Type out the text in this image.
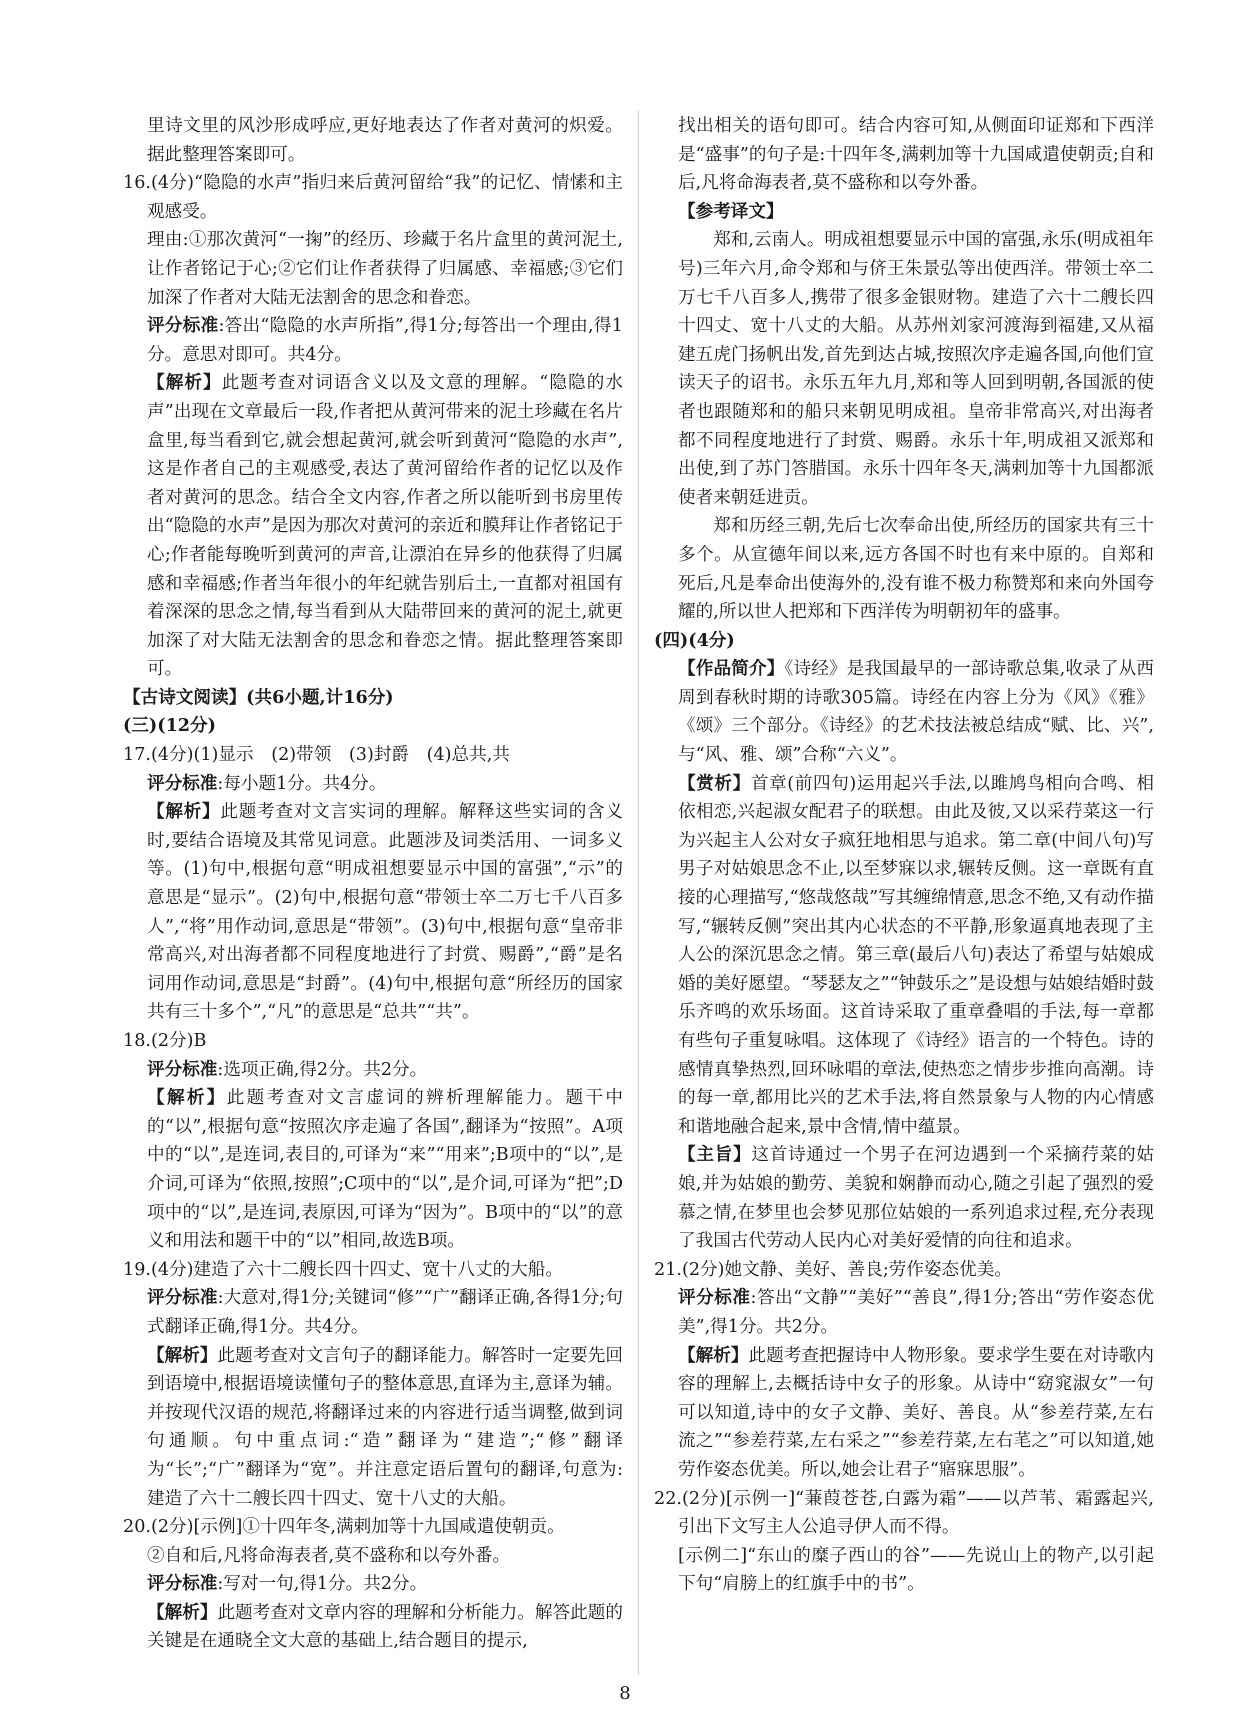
里诗文里的风沙形成呼应,更好地表达了作者对黄河的炽爱。据此整理答案即可。

16.(4分)“隐隐的水声”指归来后黄河留给“我”的记忆、情愫和主观感受。

理由:①那次黄河“一掬”的经历、珍藏于名片盒里的黄河泥土,让作者铭记于心;②它们让作者获得了归属感、幸福感;③它们加深了作者对大陆无法割舍的思念和眷恋。

评分标准:答出“隐隐的水声所指”,得1分;每答出一个理由,得1分。意思对即可。共4分。

【 解析 】 此题考查对词语含义以及文意的理解。“隐隐的水声”出现在文章最后一段,作者把从黄河带来的泥土珍藏在名片盒里,每当看到它,就会想起黄河,就会听到黄河“隐隐的水声”,这是作者自己的主观感受,表达了黄河留给作者的记忆以及作者对黄河的思念。结合全文内容,作者之所以能听到书房里传出“隐隐的水声”是因为那次对黄河的亲近和膜拜让作者铭记于心;作者能每晚听到黄河的声音,让漂泊在异乡的他获得了归属感和幸福感;作者当年很小的年纪就告别后土,一直都对祖国有着深深的思念之情,每当看到从大陆带回来的黄河的泥土,就更加深了对大陆无法割舍的思念和眷恋之情。据此整理答案即可。

【古诗文阅读】(共6小题,计16分)

(三)(12分)

17.(4分)(1)显示　(2)带领　(3)封爵　(4)总共,共

评分标准:每小题1分。共4分。

【 解析 】 此题考查对文言实词的理解。解释这些实词的含义时,要结合语境及其常见词意。此题涉及词类活用、一词多义等。(1)句中,根据句意“明成祖想要显示中国的富强”,“示”的意思是“显示”。(2)句中,根据句意“带领士卒二万七千八百多人”,“将”用作动词,意思是“带领”。(3)句中,根据句意“皇帝非常高兴,对出海者都不同程度地进行了封赏、赐爵”,“爵”是名词用作动词,意思是“封爵”。(4)句中,根据句意“所经历的国家共有三十多个”,“凡”的意思是“总共”“共”。

18.(2分)B

评分标准:选项正确,得2分。共2分。

【 解析 】 此题考查对文言虚词的辨析理解能力。题干中的“以”,根据句意“按照次序走遍了各国”,翻译为“按照”。A项中的“以”,是连词,表目的,可译为“来”“用来”;B项中的“以”,是介词,可译为“依照,按照”;C项中的“以”,是介词,可译为“把”;D项中的“以”,是连词,表原因,可译为“因为”。B项中的“以”的意义和用法和题干中的“以”相同,故选B项。

19.(4分)建造了六十二艘长四十四丈、宽十八丈的大船。

评分标准:大意对,得1分;关键词“修”“广”翻译正确,各得1分;句式翻译正确,得1分。共4分。

【 解析 】 此题考查对文言句子的翻译能力。解答时一定要先回到语境中,根据语境读懂句子的整体意思,直译为主,意译为辅。并按现代汉语的规范,将翻译过来的内容进行适当调整,做到词句通顺。句中重点词:“造”翻译为“建造”;“修”翻译为“长”;“广”翻译为“宽”。并注意定语后置句的翻译,句意为:建造了六十二艘长四十四丈、宽十八丈的大船。

20.(2分)[示例]①十四年冬,满剌加等十九国咸遣使朝贡。

②自和后,凡将命海表者,莫不盛称和以夸外番。

评分标准:写对一句,得1分。共2分。

【 解析 】 此题考查对文章内容的理解和分析能力。解答此题的关键是在通晓全文大意的基础上,结合题目的提示,

找出相关的语句即可。结合内容可知,从侧面印证郑和下西洋是“盛事”的句子是:十四年冬,满剌加等十九国咸遣使朝贡;自和后,凡将命海表者,莫不盛称和以夸外番。

【 参考译文 】

郑和,云南人。明成祖想要显示中国的富强,永乐(明成祖年号)三年六月,命令郑和与侪王朱景弘等出使西洋。带领士卒二万七千八百多人,携带了很多金银财物。建造了六十二艘长四十四丈、宽十八丈的大船。从苏州刘家河渡海到福建,又从福建五虎门扬帆出发,首先到达占城,按照次序走遍各国,向他们宣读天子的诏书。永乐五年九月,郑和等人回到明朝,各国派的使者也跟随郑和的船只来朝见明成祖。皇帝非常高兴,对出海者都不同程度地进行了封赏、赐爵。永乐十年,明成祖又派郑和出使,到了苏门答腊国。永乐十四年冬天,满剌加等十九国都派使者来朝廷进贡。

郑和历经三朝,先后七次奉命出使,所经历的国家共有三十多个。从宣德年间以来,远方各国不时也有来中原的。自郑和死后,凡是奉命出使海外的,没有谁不极力称赞郑和来向外国夸耀的,所以世人把郑和下西洋传为明朝初年的盛事。

(四)(4分)

【 作品简介 】 《诗经》是我国最早的一部诗歌总集,收录了从西周到春秋时期的诗歌305篇。诗经在内容上分为《风》《雅》《颂》三个部分。《诗经》的艺术技法被总结成“赋、比、兴”,与“风、雅、颂”合称“六义”。

【 赏析 】 首章(前四句)运用起兴手法,以雎鸠鸟相向合鸣、相依相恋,兴起淑女配君子的联想。由此及彼,又以采荇菜这一行为兴起主人公对女子疯狂地相思与追求。第二章(中间八句)写男子对姑娘思念不止,以至梦寐以求,辗转反侧。这一章既有直接的心理描写,“悠哉悠哉”写其缠绵情意,思念不绝,又有动作描写,“辗转反侧”突出其内心状态的不平静,形象逼真地表现了主人公的深沉思念之情。第三章(最后八句)表达了希望与姑娘成婚的美好愿望。“琴瑟友之”“钟鼓乐之”是设想与姑娘结婚时鼓乐齐鸣的欢乐场面。这首诗采取了重章叠唱的手法,每一章都有些句子重复咏唱。这体现了《诗经》语言的一个特色。诗的感情真挚热烈,回环咏唱的章法,使热恋之情步步推向高潮。诗的每一章,都用比兴的艺术手法,将自然景象与人物的内心情感和谐地融合起来,景中含情,情中蕴景。

【 主旨 】 这首诗通过一个男子在河边遇到一个采摘荇菜的姑娘,并为姑娘的勤劳、美貌和娴静而动心,随之引起了强烈的爱慕之情,在梦里也会梦见那位姑娘的一系列追求过程,充分表现了我国古代劳动人民内心对美好爱情的向往和追求。

21.(2分)她文静、美好、善良;劳作姿态优美。

评分标准:答出“文静”“美好”“善良”,得1分;答出“劳作姿态优美”,得1分。共2分。

【 解析 】 此题考查把握诗中人物形象。要求学生要在对诗歌内容的理解上,去概括诗中女子的形象。从诗中“窈窕淑女”一句可以知道,诗中的女子文静、美好、善良。从“参差荇菜,左右流之”“参差荇菜,左右采之”“参差荇菜,左右芼之”可以知道,她劳作姿态优美。所以,她会让君子“寤寐思服”。

22.(2分)[示例一]“蒹葭苍苍,白露为霜”——以芦苇、霜露起兴,引出下文写主人公追寻伊人而不得。

[示例二]“东山的糜子西山的谷”——先说山上的物产,以引起下句“肩膀上的红旗手中的书”。

8
